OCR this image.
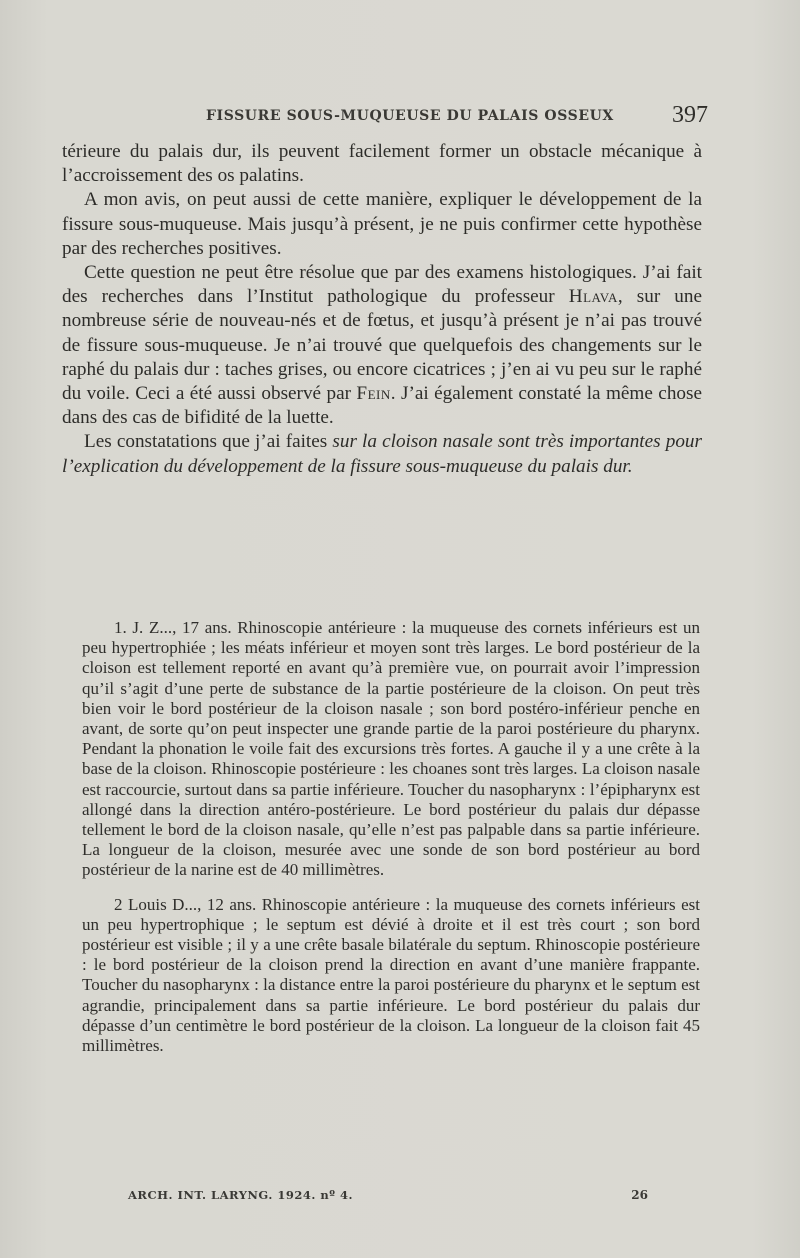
FISSURE SOUS-MUQUEUSE DU PALAIS OSSEUX 397

térieure du palais dur, ils peuvent facilement former un obstacle mécanique à l’accroissement des os palatins.

A mon avis, on peut aussi de cette manière, expliquer le développement de la fissure sous-muqueuse. Mais jusqu’à présent, je ne puis confirmer cette hypothèse par des recherches positives.

Cette question ne peut être résolue que par des examens histologiques. J’ai fait des recherches dans l’Institut pathologique du professeur Hlava, sur une nombreuse série de nouveau-nés et de fœtus, et jusqu’à présent je n’ai pas trouvé de fissure sous-muqueuse. Je n’ai trouvé que quelquefois des changements sur le raphé du palais dur : taches grises, ou encore cicatrices ; j’en ai vu peu sur le raphé du voile. Ceci a été aussi observé par Fein. J’ai également constaté la même chose dans des cas de bifidité de la luette.

Les constatations que j’ai faites sur la cloison nasale sont très importantes pour l’explication du développement de la fissure sous-muqueuse du palais dur.

1. J. Z..., 17 ans. Rhinoscopie antérieure : la muqueuse des cornets inférieurs est un peu hypertrophiée ; les méats inférieur et moyen sont très larges. Le bord postérieur de la cloison est tellement reporté en avant qu’à première vue, on pourrait avoir l’impression qu’il s’agit d’une perte de substance de la partie postérieure de la cloison. On peut très bien voir le bord postérieur de la cloison nasale ; son bord postéro-inférieur penche en avant, de sorte qu’on peut inspecter une grande partie de la paroi postérieure du pharynx. Pendant la phonation le voile fait des excursions très fortes. A gauche il y a une crête à la base de la cloison. Rhinoscopie postérieure : les choanes sont très larges. La cloison nasale est raccourcie, surtout dans sa partie inférieure. Toucher du nasopharynx : l’épipharynx est allongé dans la direction antéro-postérieure. Le bord postérieur du palais dur dépasse tellement le bord de la cloison nasale, qu’elle n’est pas palpable dans sa partie inférieure. La longueur de la cloison, mesurée avec une sonde de son bord postérieur au bord postérieur de la narine est de 40 millimètres.

2 Louis D..., 12 ans. Rhinoscopie antérieure : la muqueuse des cornets inférieurs est un peu hypertrophique ; le septum est dévié à droite et il est très court ; son bord postérieur est visible ; il y a une crête basale bilatérale du septum. Rhinoscopie postérieure : le bord postérieur de la cloison prend la direction en avant d’une manière frappante. Toucher du nasopharynx : la distance entre la paroi postérieure du pharynx et le septum est agrandie, principalement dans sa partie inférieure. Le bord postérieur du palais dur dépasse d’un centimètre le bord postérieur de la cloison. La longueur de la cloison fait 45 millimètres.

ARCH. INT. LARYNG. 1924. nº 4.	26
